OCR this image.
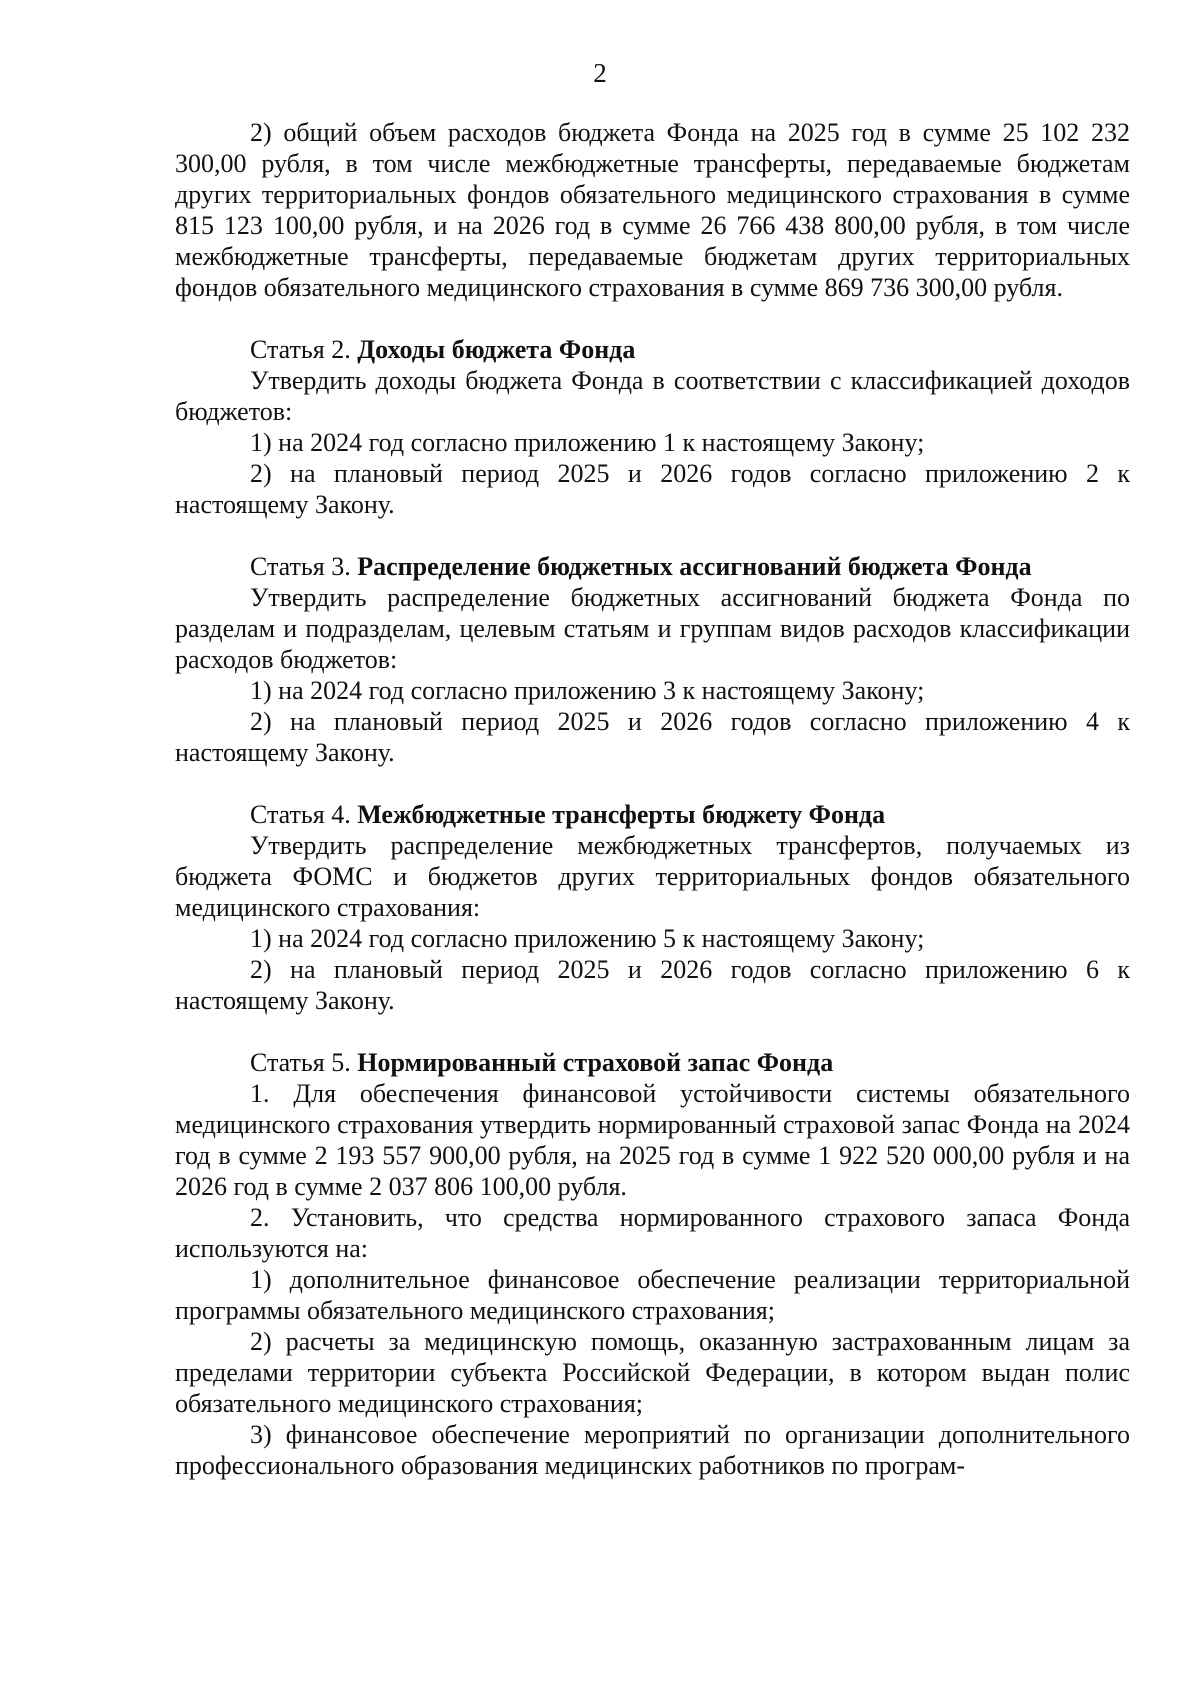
2

2) общий объем расходов бюджета Фонда на 2025 год в сумме 25 102 232 300,00 рубля, в том числе межбюджетные трансферты, передаваемые бюджетам других территориальных фондов обязательного медицинского страхования в сумме 815 123 100,00 рубля, и на 2026 год в сумме 26 766 438 800,00 рубля, в том числе межбюджетные трансферты, передаваемые бюджетам других территориальных фондов обязательного медицинского страхования в сумме 869 736 300,00 рубля.

Статья 2. Доходы бюджета Фонда

Утвердить доходы бюджета Фонда в соответствии с классификацией доходов бюджетов:

1) на 2024 год согласно приложению 1 к настоящему Закону;

2) на плановый период 2025 и 2026 годов согласно приложению 2 к настоящему Закону.

Статья 3. Распределение бюджетных ассигнований бюджета Фонда

Утвердить распределение бюджетных ассигнований бюджета Фонда по разделам и подразделам, целевым статьям и группам видов расходов классификации расходов бюджетов:

1) на 2024 год согласно приложению 3 к настоящему Закону;

2) на плановый период 2025 и 2026 годов согласно приложению 4 к настоящему Закону.

Статья 4. Межбюджетные трансферты бюджету Фонда

Утвердить распределение межбюджетных трансфертов, получаемых из бюджета ФОМС и бюджетов других территориальных фондов обязательного медицинского страхования:

1) на 2024 год согласно приложению 5 к настоящему Закону;

2) на плановый период 2025 и 2026 годов согласно приложению 6 к настоящему Закону.

Статья 5. Нормированный страховой запас Фонда

1. Для обеспечения финансовой устойчивости системы обязательного медицинского страхования утвердить нормированный страховой запас Фонда на 2024 год в сумме 2 193 557 900,00 рубля, на 2025 год в сумме 1 922 520 000,00 рубля и на 2026 год в сумме 2 037 806 100,00 рубля.

2. Установить, что средства нормированного страхового запаса Фонда используются на:

1) дополнительное финансовое обеспечение реализации территориальной программы обязательного медицинского страхования;

2) расчеты за медицинскую помощь, оказанную застрахованным лицам за пределами территории субъекта Российской Федерации, в котором выдан полис обязательного медицинского страхования;

3) финансовое обеспечение мероприятий по организации дополнительного профессионального образования медицинских работников по програм-
